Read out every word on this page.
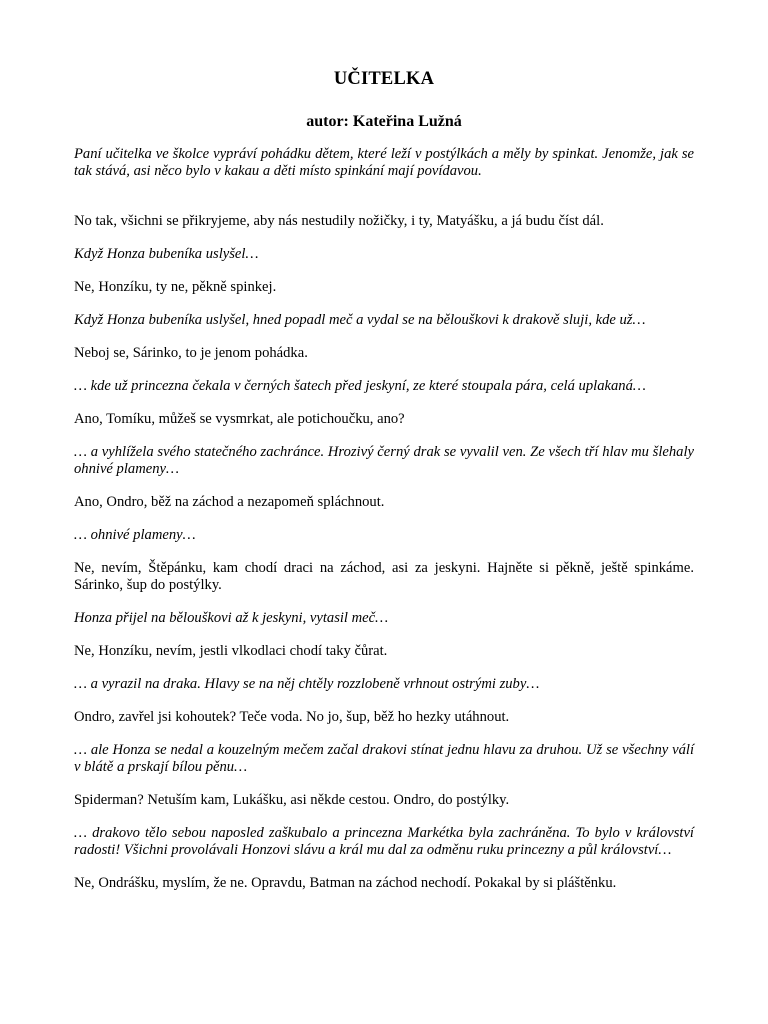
UČITELKA
autor: Kateřina Lužná

Paní učitelka ve školce vypráví pohádku dětem, které leží v postýlkách a měly by spinkat. Jenomže, jak se tak stává, asi něco bylo v kakau a děti místo spinkání mají povídavou.

No tak, všichni se přikryjeme, aby nás nestudily nožičky, i ty, Matyášku, a já budu číst dál.

Když Honza bubeníka uslyšel…

Ne, Honzíku, ty ne, pěkně spinkej.

Když Honza bubeníka uslyšel, hned popadl meč a vydal se na bělouškovi k drakově sluji, kde už…

Neboj se, Sárinko, to je jenom pohádka.

… kde už princezna čekala v černých šatech před jeskyní, ze které stoupala pára, celá uplakaná…

Ano, Tomíku, můžeš se vysmrkat, ale potichoučku, ano?

… a vyhlížela svého statečného zachránce. Hrozivý černý drak se vyvalil ven. Ze všech tří hlav mu šlehaly ohnivé plameny…

Ano, Ondro, běž na záchod a nezapomeň spláchnout.

… ohnivé plameny…

Ne, nevím, Štěpánku, kam chodí draci na záchod, asi za jeskyni. Hajněte si pěkně, ještě spinkáme. Sárinko, šup do postýlky.

Honza přijel na bělouškovi až k jeskyni, vytasil meč…

Ne, Honzíku, nevím, jestli vlkodlaci chodí taky čůrat.

… a vyrazil na draka. Hlavy se na něj chtěly rozzlobeně vrhnout ostrými zuby…

Ondro, zavřel jsi kohoutek? Teče voda. No jo, šup, běž ho hezky utáhnout.

… ale Honza se nedal a kouzelným mečem začal drakovi stínat jednu hlavu za druhou. Už se všechny válí v blátě a prskají bílou pěnu…

Spiderman? Netuším kam, Lukášku, asi někde cestou. Ondro, do postýlky.

… drakovo tělo sebou naposled zaškubalo a princezna Markétka byla zachráněna. To bylo v království radosti! Všichni provolávali Honzovi slávu a král mu dal za odměnu ruku princezny a půl království…

Ne, Ondrášku, myslím, že ne. Opravdu, Batman na záchod nechodí. Pokakal by si pláštěnku.
